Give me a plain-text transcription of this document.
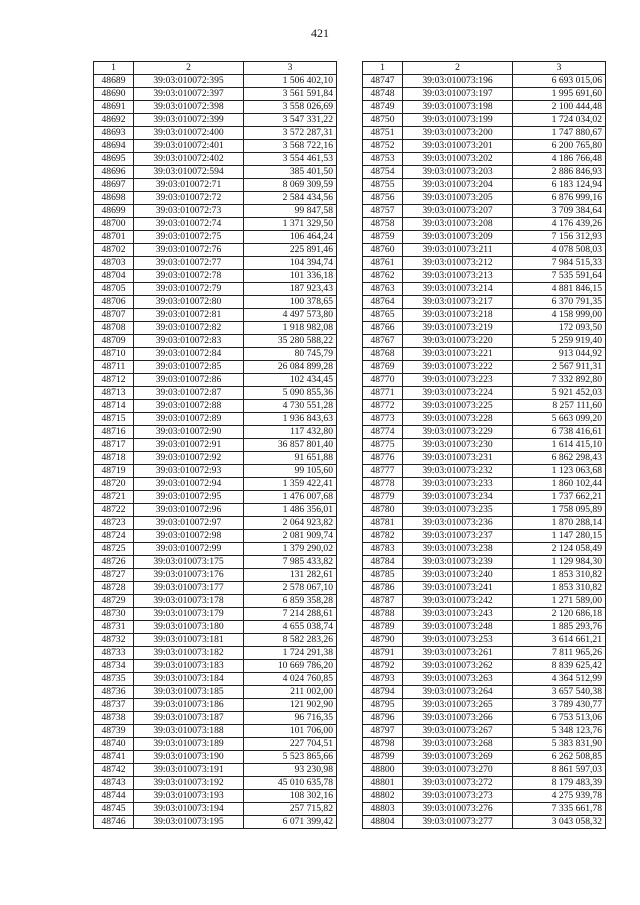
421
1	2	3
48689	39:03:010072:395	1 506 402,10
48690	39:03:010072:397	3 561 591,84
48691	39:03:010072:398	3 558 026,69
48692	39:03:010072:399	3 547 331,22
48693	39:03:010072:400	3 572 287,31
48694	39:03:010072:401	3 568 722,16
48695	39:03:010072:402	3 554 461,53
48696	39:03:010072:594	385 401,50
48697	39:03:010072:71	8 069 309,59
48698	39:03:010072:72	2 584 434,56
48699	39:03:010072:73	99 847,58
48700	39:03:010072:74	1 371 329,50
48701	39:03:010072:75	106 464,24
48702	39:03:010072:76	225 891,46
48703	39:03:010072:77	104 394,74
48704	39:03:010072:78	101 336,18
48705	39:03:010072:79	187 923,43
48706	39:03:010072:80	100 378,65
48707	39:03:010072:81	4 497 573,80
48708	39:03:010072:82	1 918 982,08
48709	39:03:010072:83	35 280 588,22
48710	39:03:010072:84	80 745,79
48711	39:03:010072:85	26 084 899,28
48712	39:03:010072:86	102 434,45
48713	39:03:010072:87	5 090 855,36
48714	39:03:010072:88	4 730 551,28
48715	39:03:010072:89	1 936 843,63
48716	39:03:010072:90	117 432,80
48717	39:03:010072:91	36 857 801,40
48718	39:03:010072:92	91 651,88
48719	39:03:010072:93	99 105,60
48720	39:03:010072:94	1 359 422,41
48721	39:03:010072:95	1 476 007,68
48722	39:03:010072:96	1 486 356,01
48723	39:03:010072:97	2 064 923,82
48724	39:03:010072:98	2 081 909,74
48725	39:03:010072:99	1 379 290,02
48726	39:03:010073:175	7 985 433,82
48727	39:03:010073:176	131 282,61
48728	39:03:010073:177	2 578 067,10
48729	39:03:010073:178	6 859 358,28
48730	39:03:010073:179	7 214 288,61
48731	39:03:010073:180	4 655 038,74
48732	39:03:010073:181	8 582 283,26
48733	39:03:010073:182	1 724 291,38
48734	39:03:010073:183	10 669 786,20
48735	39:03:010073:184	4 024 760,85
48736	39:03:010073:185	211 002,00
48737	39:03:010073:186	121 902,90
48738	39:03:010073:187	96 716,35
48739	39:03:010073:188	101 706,00
48740	39:03:010073:189	227 704,51
48741	39:03:010073:190	5 523 865,66
48742	39:03:010073:191	93 230,98
48743	39:03:010073:192	45 010 635,78
48744	39:03:010073:193	108 302,16
48745	39:03:010073:194	257 715,82
48746	39:03:010073:195	6 071 399,42
1	2	3
48747	39:03:010073:196	6 693 015,06
48748	39:03:010073:197	1 995 691,60
48749	39:03:010073:198	2 100 444,48
48750	39:03:010073:199	1 724 034,02
48751	39:03:010073:200	1 747 880,67
48752	39:03:010073:201	6 200 765,80
48753	39:03:010073:202	4 186 766,48
48754	39:03:010073:203	2 886 846,93
48755	39:03:010073:204	6 183 124,94
48756	39:03:010073:205	6 876 999,16
48757	39:03:010073:207	3 709 384,64
48758	39:03:010073:208	4 176 439,26
48759	39:03:010073:209	7 156 312,93
48760	39:03:010073:211	4 078 508,03
48761	39:03:010073:212	7 984 515,33
48762	39:03:010073:213	7 535 591,64
48763	39:03:010073:214	4 881 846,15
48764	39:03:010073:217	6 370 791,35
48765	39:03:010073:218	4 158 999,00
48766	39:03:010073:219	172 093,50
48767	39:03:010073:220	5 259 919,40
48768	39:03:010073:221	913 044,92
48769	39:03:010073:222	2 567 911,31
48770	39:03:010073:223	7 332 892,80
48771	39:03:010073:224	5 921 452,03
48772	39:03:010073:225	8 257 111,60
48773	39:03:010073:228	5 663 099,20
48774	39:03:010073:229	6 738 416,61
48775	39:03:010073:230	1 614 415,10
48776	39:03:010073:231	6 862 298,43
48777	39:03:010073:232	1 123 063,68
48778	39:03:010073:233	1 860 102,44
48779	39:03:010073:234	1 737 662,21
48780	39:03:010073:235	1 758 095,89
48781	39:03:010073:236	1 870 288,14
48782	39:03:010073:237	1 147 280,15
48783	39:03:010073:238	2 124 058,49
48784	39:03:010073:239	1 129 984,30
48785	39:03:010073:240	1 853 310,82
48786	39:03:010073:241	1 853 310,82
48787	39:03:010073:242	1 271 589,00
48788	39:03:010073:243	2 120 686,18
48789	39:03:010073:248	1 885 293,76
48790	39:03:010073:253	3 614 661,21
48791	39:03:010073:261	7 811 965,26
48792	39:03:010073:262	8 839 625,42
48793	39:03:010073:263	4 364 512,99
48794	39:03:010073:264	3 657 540,38
48795	39:03:010073:265	3 789 430,77
48796	39:03:010073:266	6 753 513,06
48797	39:03:010073:267	5 348 123,76
48798	39:03:010073:268	5 383 831,90
48799	39:03:010073:269	6 262 508,85
48800	39:03:010073:270	8 861 597,03
48801	39:03:010073:272	8 179 483,39
48802	39:03:010073:273	4 275 939,78
48803	39:03:010073:276	7 335 661,78
48804	39:03:010073:277	3 043 058,32
